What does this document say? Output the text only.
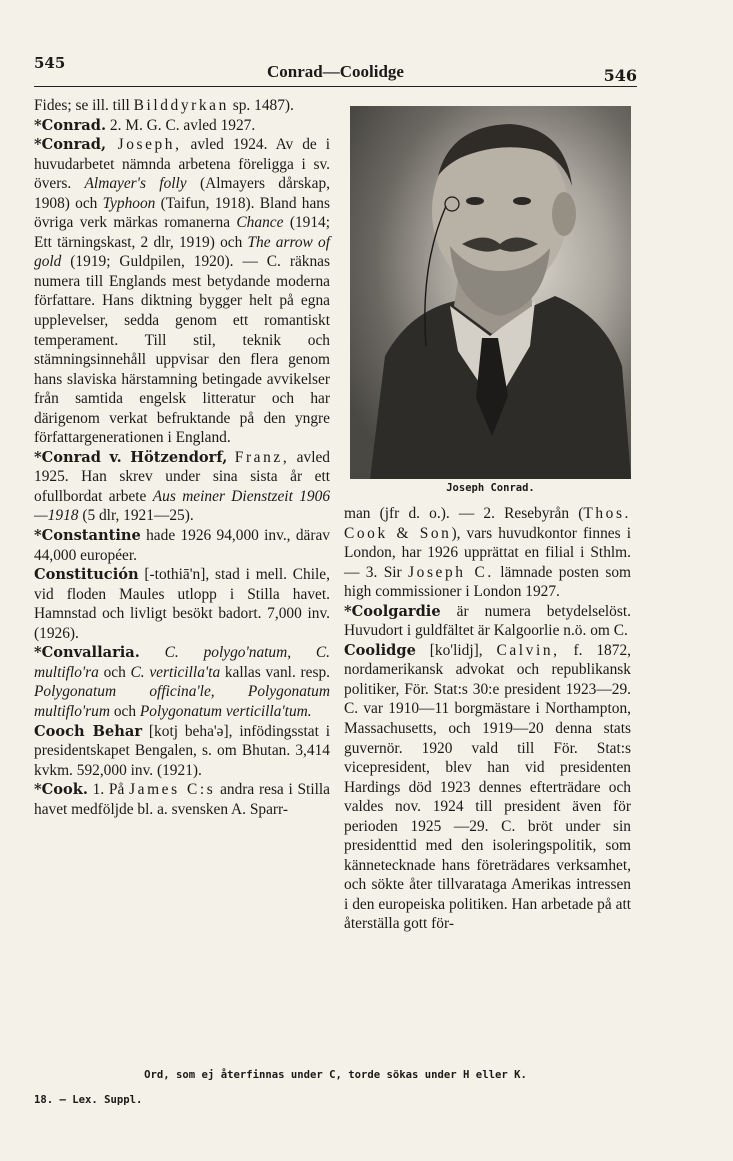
545	Conrad—Coolidge	546

Fides; se ill. till Bilddyrkan sp. 1487).

*Conrad. 2. M. G. C. avled 1927.

*Conrad, Joseph, avled 1924. Av de i huvudarbetet nämnda arbetena föreligga i sv. övers. Almayer's folly (Almayers dårskap, 1908) och Typhoon (Taifun, 1918). Bland hans övriga verk märkas romanerna Chance (1914; Ett tärningskast, 2 dlr, 1919) och The arrow of gold (1919; Guldpilen, 1920). — C. räknas numera till Englands mest betydande moderna författare. Hans diktning bygger helt på egna upplevelser, sedda genom ett romantiskt temperament. Till stil, teknik och stämningsinnehåll uppvisar den flera genom hans slaviska härstamning betingade avvikelser från samtida engelsk litteratur och har därigenom verkat befruktande på den yngre författargenerationen i England.

*Conrad v. Hötzendorf, Franz, avled 1925. Han skrev under sina sista år ett ofullbordat arbete Aus meiner Dienstzeit 1906 —1918 (5 dlr, 1921—25).

*Constantine hade 1926 94,000 inv., därav 44,000 européer.

Constitución [-tothiā'n], stad i mell. Chile, vid floden Maules utlopp i Stilla havet. Hamnstad och livligt besökt badort. 7,000 inv. (1926).

*Convallaria. C. polygo'natum, C. multiflo'ra och C. verticilla'ta kallas vanl. resp. Polygonatum officina'le, Polygonatum multiflo'rum och Polygonatum verticilla'tum.

Cooch Behar [kotj beha'ə], infödingsstat i presidentskapet Bengalen, s. om Bhutan. 3,414 kvkm. 592,000 inv. (1921).

*Cook. 1. På James C:s andra resa i Stilla havet medföljde bl. a. svensken A. Sparr-

Joseph Conrad.

man (jfr d. o.). — 2. Resebyrån (Thos. Cook & Son), vars huvudkontor finnes i London, har 1926 upprättat en filial i Sthlm. — 3. Sir Joseph C. lämnade posten som high commissioner i London 1927.

*Coolgardie är numera betydelselöst. Huvudort i guldfältet är Kalgoorlie n.ö. om C.

Coolidge [ko'lidj], Calvin, f. 1872, nordamerikansk advokat och republikansk politiker, För. Stat:s 30:e president 1923—29. C. var 1910—11 borgmästare i Northampton, Massachusetts, och 1919—20 denna stats guvernör. 1920 vald till För. Stat:s vicepresident, blev han vid presidenten Hardings död 1923 dennes efterträdare och valdes nov. 1924 till president även för perioden 1925 —29. C. bröt under sin presidenttid med den isoleringspolitik, som kännetecknade hans företrädares verksamhet, och sökte åter tillvarataga Amerikas intressen i den europeiska politiken. Han arbetade på att återställa gott för-

Ord, som ej återfinnas under C, torde sökas under H eller K.
18. — Lex. Suppl.
